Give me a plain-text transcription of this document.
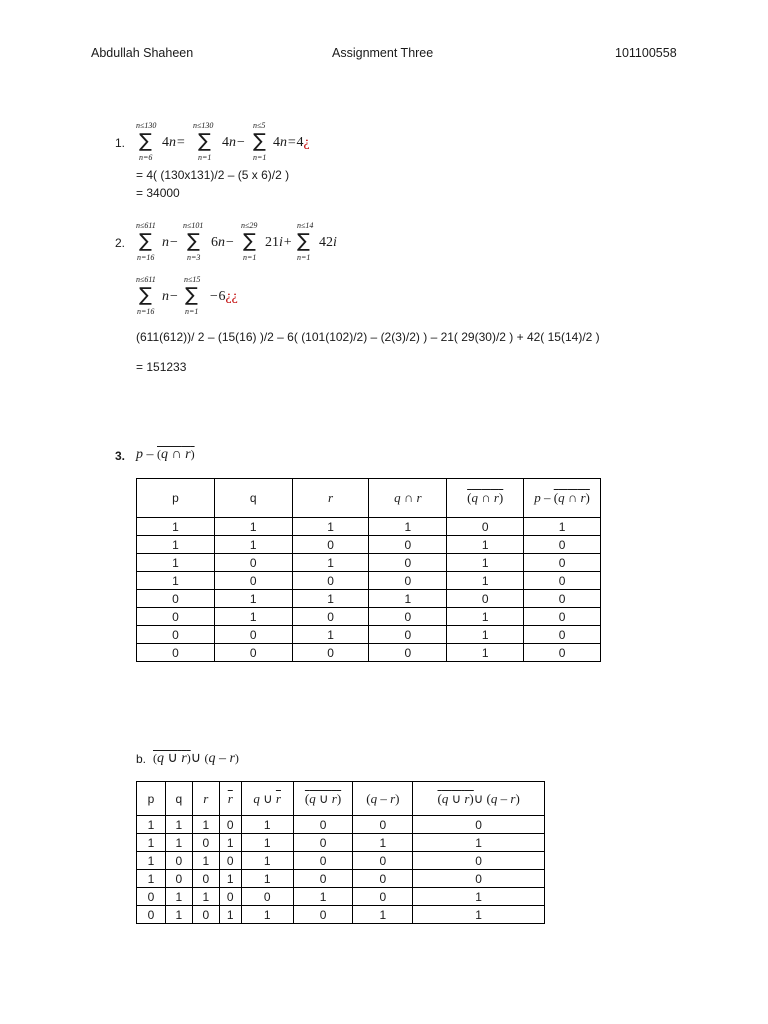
Abdullah Shaheen	Assignment Three	101100558
1.
n≤130
∑
n=6
4n=
n≤130
∑
n=1
4n−
n≤5
∑
n=1
4n=4¿
= 4( (130x131)/2 – (5 x 6)/2 )
= 34000
2.
n≤611
∑
n=16
n−
n≤101
∑
n=3
6n−
n≤29
∑
n=1
21i+
n≤14
∑
n=1
42i
n≤611
∑
n=16
n−
n≤15
∑
n=1
−6¿¿
(611(612))/ 2 – (15(16) )/2 – 6( (101(102)/2) – (2(3)/2) ) – 21( 29(30)/2 ) + 42( 15(14)/2 )
= 151233
3. p – (q ∩ r)
p	q	r	q ∩ r	(q ∩ r)	p – (q ∩ r)
1	1	1	1	0	1
1	1	0	0	1	0
1	0	1	0	1	0
1	0	0	0	1	0
0	1	1	1	0	0
0	1	0	0	1	0
0	0	1	0	1	0
0	0	0	0	1	0
b. (q ∪ r)∪ (q – r)
p	q	r	$\overline{r}$	q ∪ $\overline{r}$	(q ∪ r)	(q – r)	(q ∪ r)∪ (q – r)
1	1	1	0	1	0	0	0
1	1	0	1	1	0	1	1
1	0	1	0	1	0	0	0
1	0	0	1	1	0	0	0
0	1	1	0	0	1	0	1
0	1	0	1	1	0	1	1
